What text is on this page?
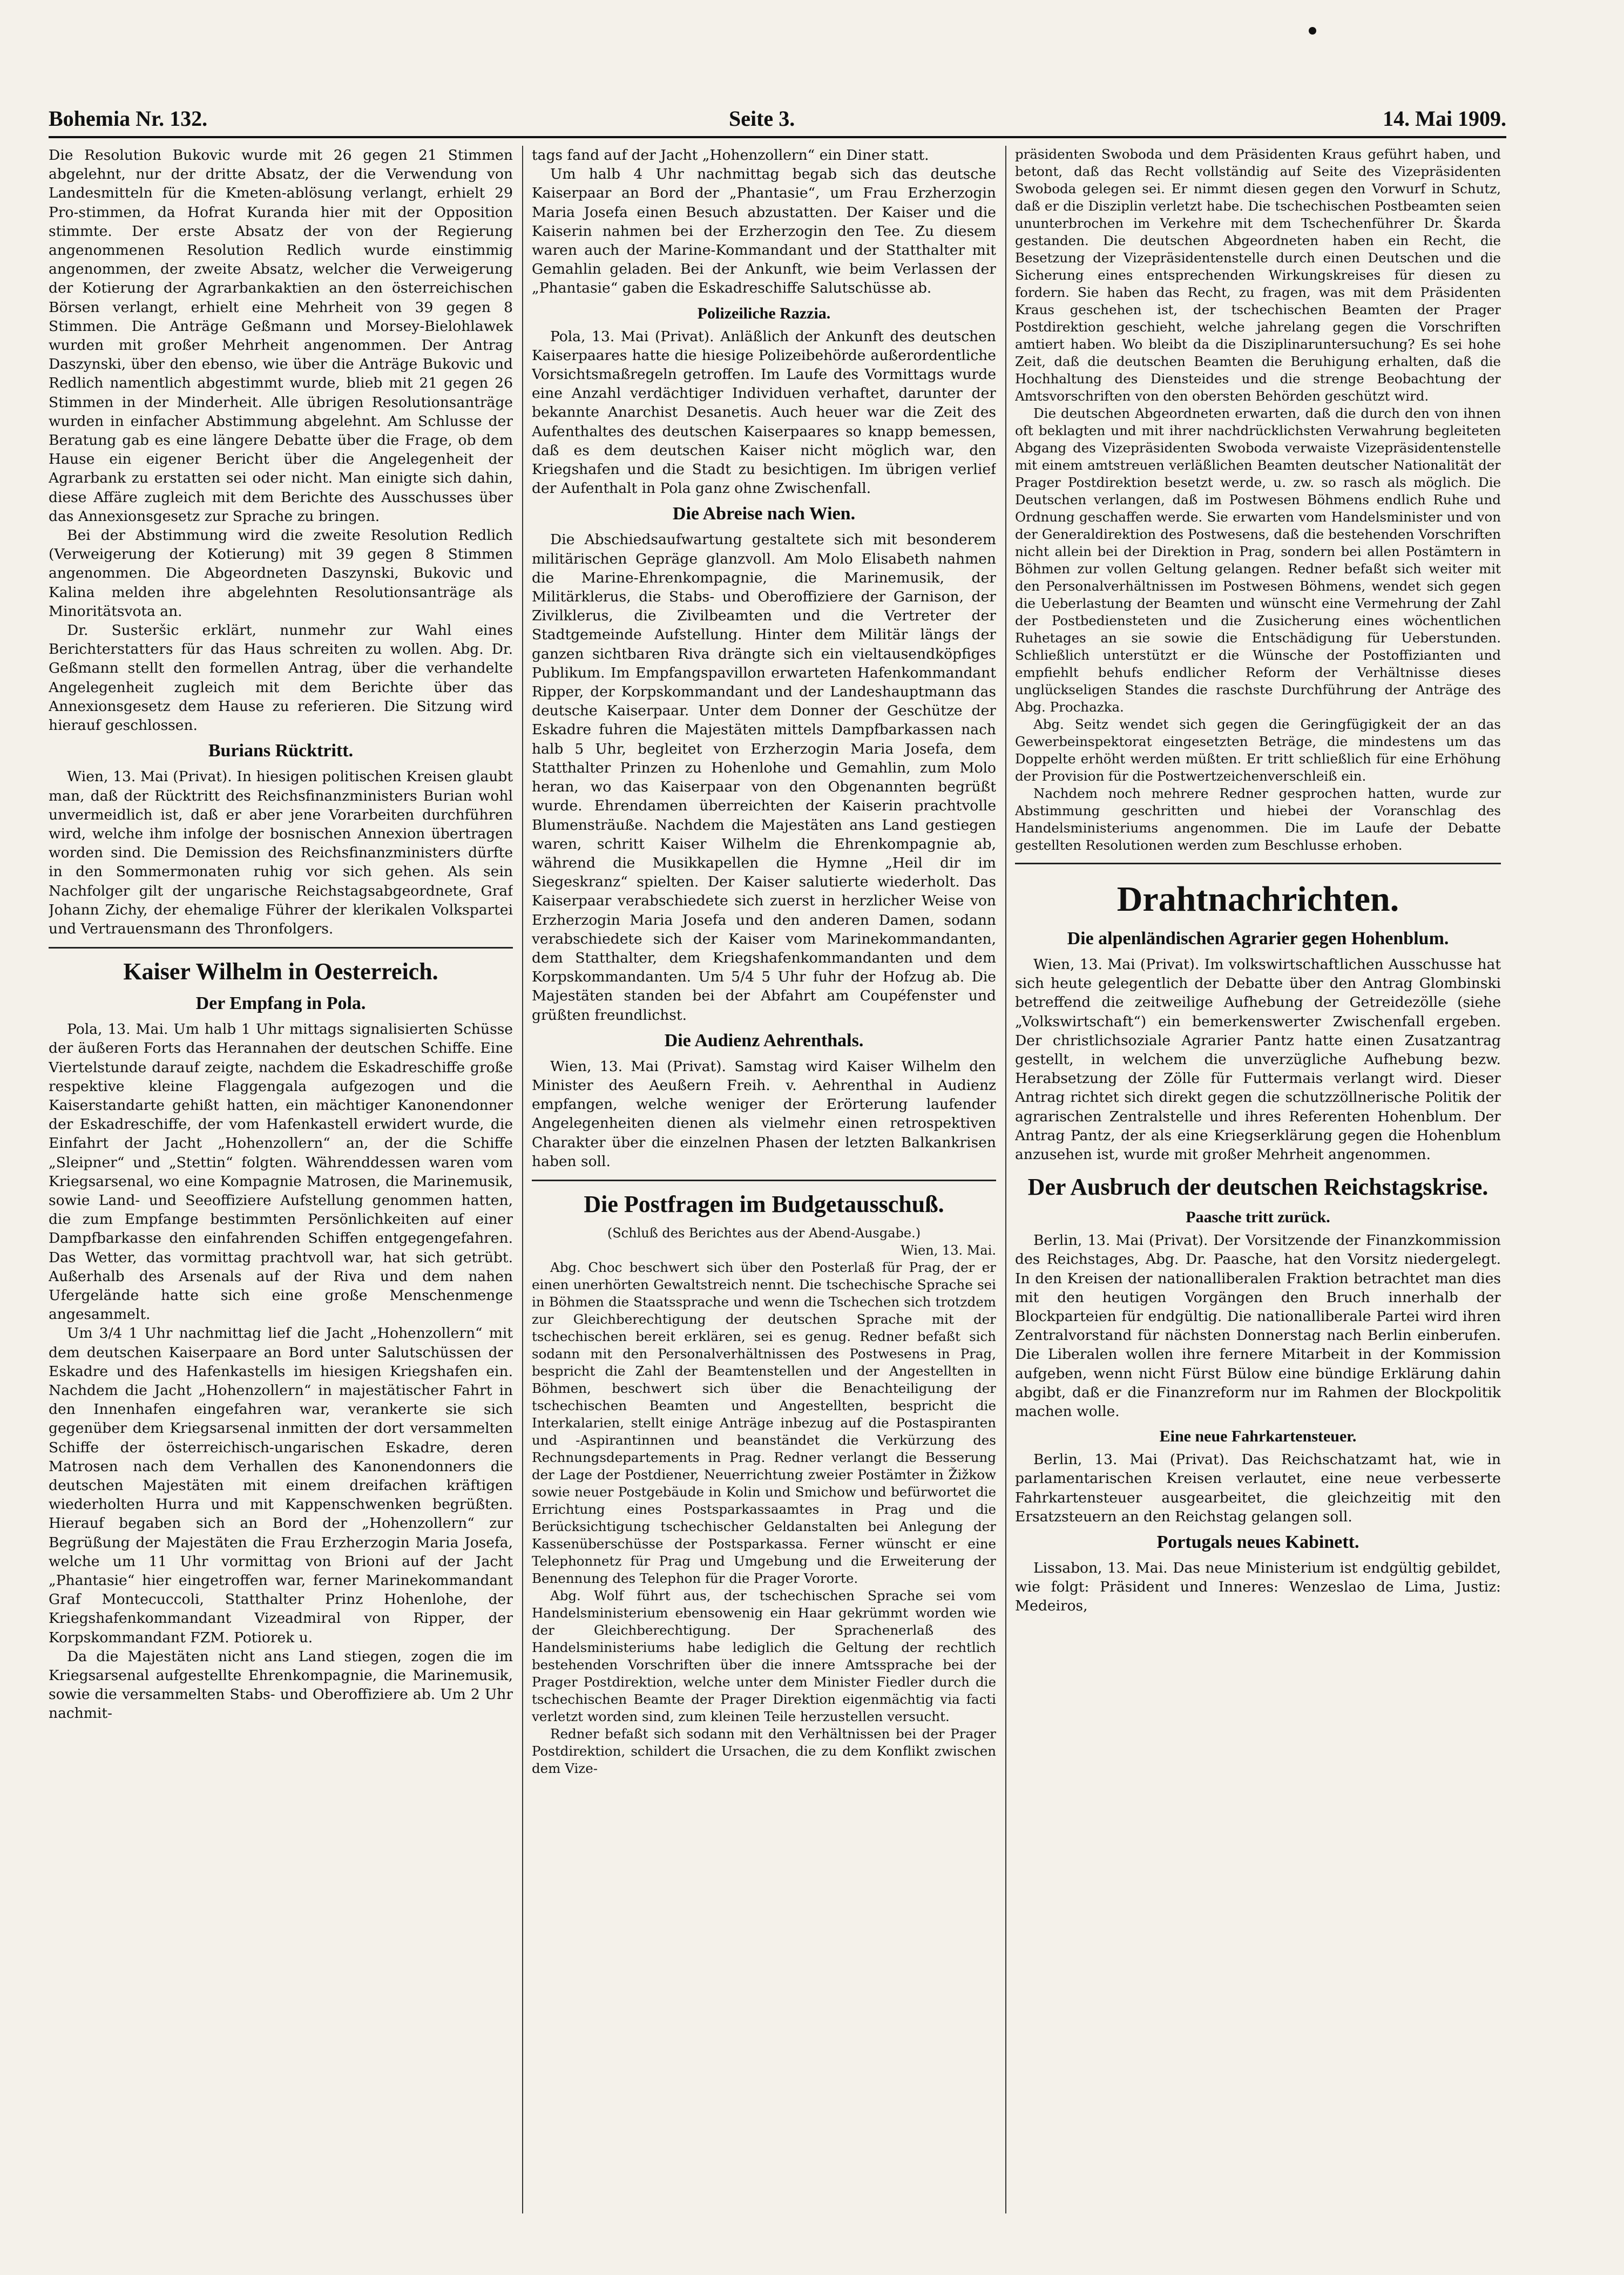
Bohemia Nr. 132.	Seite 3.	14. Mai 1909.

Die Resolution Bukovic wurde mit 26 gegen 21 Stimmen abgelehnt, nur der dritte Absatz, der die Verwendung von Landesmitteln für die Kmeten-ablösung verlangt, erhielt 29 Pro-stimmen, da Hofrat Kuranda hier mit der Opposition stimmte. Der erste Absatz der von der Regierung angenommenen Resolution Redlich wurde einstimmig angenommen, der zweite Absatz, welcher die Verweigerung der Kotierung der Agrarbankaktien an den österreichischen Börsen verlangt, erhielt eine Mehrheit von 39 gegen 8 Stimmen. Die Anträge Geßmann und Morsey-Bielohlawek wurden mit großer Mehrheit angenommen. Der Antrag Daszynski, über den ebenso, wie über die Anträge Bukovic und Redlich namentlich abgestimmt wurde, blieb mit 21 gegen 26 Stimmen in der Minderheit. Alle übrigen Resolutionsanträge wurden in einfacher Abstimmung abgelehnt. Am Schlusse der Beratung gab es eine längere Debatte über die Frage, ob dem Hause ein eigener Bericht über die Angelegenheit der Agrarbank zu erstatten sei oder nicht. Man einigte sich dahin, diese Affäre zugleich mit dem Berichte des Ausschusses über das Annexionsgesetz zur Sprache zu bringen.

Bei der Abstimmung wird die zweite Resolution Redlich (Verweigerung der Kotierung) mit 39 gegen 8 Stimmen angenommen. Die Abgeordneten Daszynski, Bukovic und Kalina melden ihre abgelehnten Resolutionsanträge als Minoritätsvota an.

Dr. Susteršic erklärt, nunmehr zur Wahl eines Berichterstatters für das Haus schreiten zu wollen. Abg. Dr. Geßmann stellt den formellen Antrag, über die verhandelte Angelegenheit zugleich mit dem Berichte über das Annexionsgesetz dem Hause zu referieren. Die Sitzung wird hierauf geschlossen.

Burians Rücktritt.

Wien, 13. Mai (Privat). In hiesigen politischen Kreisen glaubt man, daß der Rücktritt des Reichsfinanzministers Burian wohl unvermeidlich ist, daß er aber jene Vorarbeiten durchführen wird, welche ihm infolge der bosnischen Annexion übertragen worden sind. Die Demission des Reichsfinanzministers dürfte in den Sommermonaten ruhig vor sich gehen. Als sein Nachfolger gilt der ungarische Reichstagsabgeordnete, Graf Johann Zichy, der ehemalige Führer der klerikalen Volkspartei und Vertrauensmann des Thronfolgers.

Kaiser Wilhelm in Oesterreich.
Der Empfang in Pola.

Pola, 13. Mai. Um halb 1 Uhr mittags signalisierten Schüsse der äußeren Forts das Herannahen der deutschen Schiffe. Eine Viertelstunde darauf zeigte, nachdem die Eskadreschiffe große respektive kleine Flaggengala aufgezogen und die Kaiserstandarte gehißt hatten, ein mächtiger Kanonendonner der Eskadreschiffe, der vom Hafenkastell erwidert wurde, die Einfahrt der Jacht „Hohenzollern“ an, der die Schiffe „Sleipner“ und „Stettin“ folgten. Währenddessen waren vom Kriegsarsenal, wo eine Kompagnie Matrosen, die Marinemusik, sowie Land- und Seeoffiziere Aufstellung genommen hatten, die zum Empfange bestimmten Persönlichkeiten auf einer Dampfbarkasse den einfahrenden Schiffen entgegengefahren. Das Wetter, das vormittag prachtvoll war, hat sich getrübt. Außerhalb des Arsenals auf der Riva und dem nahen Ufergelände hatte sich eine große Menschenmenge angesammelt.

Um 3/4 1 Uhr nachmittag lief die Jacht „Hohenzollern“ mit dem deutschen Kaiserpaare an Bord unter Salutschüssen der Eskadre und des Hafenkastells im hiesigen Kriegshafen ein. Nachdem die Jacht „Hohenzollern“ in majestätischer Fahrt in den Innenhafen eingefahren war, verankerte sie sich gegenüber dem Kriegsarsenal inmitten der dort versammelten Schiffe der österreichisch-ungarischen Eskadre, deren Matrosen nach dem Verhallen des Kanonendonners die deutschen Majestäten mit einem dreifachen kräftigen wiederholten Hurra und mit Kappenschwenken begrüßten. Hierauf begaben sich an Bord der „Hohenzollern“ zur Begrüßung der Majestäten die Frau Erzherzogin Maria Josefa, welche um 11 Uhr vormittag von Brioni auf der Jacht „Phantasie“ hier eingetroffen war, ferner Marinekommandant Graf Montecuccoli, Statthalter Prinz Hohenlohe, der Kriegshafenkommandant Vizeadmiral von Ripper, der Korpskommandant FZM. Potiorek u.

Da die Majestäten nicht ans Land stiegen, zogen die im Kriegsarsenal aufgestellte Ehrenkompagnie, die Marinemusik, sowie die versammelten Stabs- und Oberoffiziere ab. Um 2 Uhr nachmit-

tags fand auf der Jacht „Hohenzollern“ ein Diner statt.

Um halb 4 Uhr nachmittag begab sich das deutsche Kaiserpaar an Bord der „Phantasie“, um Frau Erzherzogin Maria Josefa einen Besuch abzustatten. Der Kaiser und die Kaiserin nahmen bei der Erzherzogin den Tee. Zu diesem waren auch der Marine-Kommandant und der Statthalter mit Gemahlin geladen. Bei der Ankunft, wie beim Verlassen der „Phantasie“ gaben die Eskadreschiffe Salutschüsse ab.

Polizeiliche Razzia.

Pola, 13. Mai (Privat). Anläßlich der Ankunft des deutschen Kaiserpaares hatte die hiesige Polizeibehörde außerordentliche Vorsichtsmaßregeln getroffen. Im Laufe des Vormittags wurde eine Anzahl verdächtiger Individuen verhaftet, darunter der bekannte Anarchist Desanetis. Auch heuer war die Zeit des Aufenthaltes des deutschen Kaiserpaares so knapp bemessen, daß es dem deutschen Kaiser nicht möglich war, den Kriegshafen und die Stadt zu besichtigen. Im übrigen verlief der Aufenthalt in Pola ganz ohne Zwischenfall.

Die Abreise nach Wien.

Die Abschiedsaufwartung gestaltete sich mit besonderem militärischen Gepräge glanzvoll. Am Molo Elisabeth nahmen die Marine-Ehrenkompagnie, die Marinemusik, der Militärklerus, die Stabs- und Oberoffiziere der Garnison, der Zivilklerus, die Zivilbeamten und die Vertreter der Stadtgemeinde Aufstellung. Hinter dem Militär längs der ganzen sichtbaren Riva drängte sich ein vieltausendköpfiges Publikum. Im Empfangspavillon erwarteten Hafenkommandant Ripper, der Korpskommandant und der Landeshauptmann das deutsche Kaiserpaar. Unter dem Donner der Geschütze der Eskadre fuhren die Majestäten mittels Dampfbarkassen nach halb 5 Uhr, begleitet von Erzherzogin Maria Josefa, dem Statthalter Prinzen zu Hohenlohe und Gemahlin, zum Molo heran, wo das Kaiserpaar von den Obgenannten begrüßt wurde. Ehrendamen überreichten der Kaiserin prachtvolle Blumensträuße. Nachdem die Majestäten ans Land gestiegen waren, schritt Kaiser Wilhelm die Ehrenkompagnie ab, während die Musikkapellen die Hymne „Heil dir im Siegeskranz“ spielten. Der Kaiser salutierte wiederholt. Das Kaiserpaar verabschiedete sich zuerst in herzlicher Weise von Erzherzogin Maria Josefa und den anderen Damen, sodann verabschiedete sich der Kaiser vom Marinekommandanten, dem Statthalter, dem Kriegshafenkommandanten und dem Korpskommandanten. Um 5/4 5 Uhr fuhr der Hofzug ab. Die Majestäten standen bei der Abfahrt am Coupéfenster und grüßten freundlichst.

Die Audienz Aehrenthals.

Wien, 13. Mai (Privat). Samstag wird Kaiser Wilhelm den Minister des Aeußern Freih. v. Aehrenthal in Audienz empfangen, welche weniger der Erörterung laufender Angelegenheiten dienen als vielmehr einen retrospektiven Charakter über die einzelnen Phasen der letzten Balkankrisen haben soll.

Die Postfragen im Budgetausschuß.
(Schluß des Berichtes aus der Abend-Ausgabe.)
Wien, 13. Mai.

Abg. Choc beschwert sich über den Posterlaß für Prag, der er einen unerhörten Gewaltstreich nennt. Die tschechische Sprache sei in Böhmen die Staatssprache und wenn die Tschechen sich trotzdem zur Gleichberechtigung der deutschen Sprache mit der tschechischen bereit erklären, sei es genug. Redner befaßt sich sodann mit den Personalverhältnissen des Postwesens in Prag, bespricht die Zahl der Beamtenstellen und der Angestellten in Böhmen, beschwert sich über die Benachteiligung der tschechischen Beamten und Angestellten, bespricht die Interkalarien, stellt einige Anträge inbezug auf die Postaspiranten und -Aspirantinnen und beanständet die Verkürzung des Rechnungsdepartements in Prag. Redner verlangt die Besserung der Lage der Postdiener, Neuerrichtung zweier Postämter in Žižkow sowie neuer Postgebäude in Kolin und Smichow und befürwortet die Errichtung eines Postsparkassaamtes in Prag und die Berücksichtigung tschechischer Geldanstalten bei Anlegung der Kassenüberschüsse der Postsparkassa. Ferner wünscht er eine Telephonnetz für Prag und Umgebung und die Erweiterung der Benennung des Telephon für die Prager Vororte.

Abg. Wolf führt aus, der tschechischen Sprache sei vom Handelsministerium ebensowenig ein Haar gekrümmt worden wie der Gleichberechtigung. Der Sprachenerlaß des Handelsministeriums habe lediglich die Geltung der rechtlich bestehenden Vorschriften über die innere Amtssprache bei der Prager Postdirektion, welche unter dem Minister Fiedler durch die tschechischen Beamte der Prager Direktion eigenmächtig via facti verletzt worden sind, zum kleinen Teile herzustellen versucht.

Redner befaßt sich sodann mit den Verhältnissen bei der Prager Postdirektion, schildert die Ursachen, die zu dem Konflikt zwischen dem Vize-

präsidenten Swoboda und dem Präsidenten Kraus geführt haben, und betont, daß das Recht vollständig auf Seite des Vizepräsidenten Swoboda gelegen sei. Er nimmt diesen gegen den Vorwurf in Schutz, daß er die Disziplin verletzt habe. Die tschechischen Postbeamten seien ununterbrochen im Verkehre mit dem Tschechenführer Dr. Škarda gestanden. Die deutschen Abgeordneten haben ein Recht, die Besetzung der Vizepräsidentenstelle durch einen Deutschen und die Sicherung eines entsprechenden Wirkungskreises für diesen zu fordern. Sie haben das Recht, zu fragen, was mit dem Präsidenten Kraus geschehen ist, der tschechischen Beamten der Prager Postdirektion geschieht, welche jahrelang gegen die Vorschriften amtiert haben. Wo bleibt da die Disziplinaruntersuchung? Es sei hohe Zeit, daß die deutschen Beamten die Beruhigung erhalten, daß die Hochhaltung des Diensteides und die strenge Beobachtung der Amtsvorschriften von den obersten Behörden geschützt wird.

Die deutschen Abgeordneten erwarten, daß die durch den von ihnen oft beklagten und mit ihrer nachdrücklichsten Verwahrung begleiteten Abgang des Vizepräsidenten Swoboda verwaiste Vizepräsidentenstelle mit einem amtstreuen verläßlichen Beamten deutscher Nationalität der Prager Postdirektion besetzt werde, u. zw. so rasch als möglich. Die Deutschen verlangen, daß im Postwesen Böhmens endlich Ruhe und Ordnung geschaffen werde. Sie erwarten vom Handelsminister und von der Generaldirektion des Postwesens, daß die bestehenden Vorschriften nicht allein bei der Direktion in Prag, sondern bei allen Postämtern in Böhmen zur vollen Geltung gelangen. Redner befaßt sich weiter mit den Personalverhältnissen im Postwesen Böhmens, wendet sich gegen die Ueberlastung der Beamten und wünscht eine Vermehrung der Zahl der Postbediensteten und die Zusicherung eines wöchentlichen Ruhetages an sie sowie die Entschädigung für Ueberstunden. Schließlich unterstützt er die Wünsche der Postoffizianten und empfiehlt behufs endlicher Reform der Verhältnisse dieses unglückseligen Standes die raschste Durchführung der Anträge des Abg. Prochazka.

Abg. Seitz wendet sich gegen die Geringfügigkeit der an das Gewerbeinspektorat eingesetzten Beträge, die mindestens um das Doppelte erhöht werden müßten. Er tritt schließlich für eine Erhöhung der Provision für die Postwertzeichenverschleiß ein.

Nachdem noch mehrere Redner gesprochen hatten, wurde zur Abstimmung geschritten und hiebei der Voranschlag des Handelsministeriums angenommen. Die im Laufe der Debatte gestellten Resolutionen werden zum Beschlusse erhoben.

Drahtnachrichten.
Die alpenländischen Agrarier gegen Hohenblum.

Wien, 13. Mai (Privat). Im volkswirtschaftlichen Ausschusse hat sich heute gelegentlich der Debatte über den Antrag Glombinski betreffend die zeitweilige Aufhebung der Getreidezölle (siehe „Volkswirtschaft“) ein bemerkenswerter Zwischenfall ergeben. Der christlichsoziale Agrarier Pantz hatte einen Zusatzantrag gestellt, in welchem die unverzügliche Aufhebung bezw. Herabsetzung der Zölle für Futtermais verlangt wird. Dieser Antrag richtet sich direkt gegen die schutzzöllnerische Politik der agrarischen Zentralstelle und ihres Referenten Hohenblum. Der Antrag Pantz, der als eine Kriegserklärung gegen die Hohenblum anzusehen ist, wurde mit großer Mehrheit angenommen.

Der Ausbruch der deutschen Reichstagskrise.
Paasche tritt zurück.

Berlin, 13. Mai (Privat). Der Vorsitzende der Finanzkommission des Reichstages, Abg. Dr. Paasche, hat den Vorsitz niedergelegt. In den Kreisen der nationalliberalen Fraktion betrachtet man dies mit den heutigen Vorgängen den Bruch innerhalb der Blockparteien für endgültig. Die nationalliberale Partei wird ihren Zentralvorstand für nächsten Donnerstag nach Berlin einberufen. Die Liberalen wollen ihre fernere Mitarbeit in der Kommission aufgeben, wenn nicht Fürst Bülow eine bündige Erklärung dahin abgibt, daß er die Finanzreform nur im Rahmen der Blockpolitik machen wolle.

Eine neue Fahrkartensteuer.

Berlin, 13. Mai (Privat). Das Reichschatzamt hat, wie in parlamentarischen Kreisen verlautet, eine neue verbesserte Fahrkartensteuer ausgearbeitet, die gleichzeitig mit den Ersatzsteuern an den Reichstag gelangen soll.

Portugals neues Kabinett.

Lissabon, 13. Mai. Das neue Ministerium ist endgültig gebildet, wie folgt: Präsident und Inneres: Wenzeslao de Lima, Justiz: Medeiros,
